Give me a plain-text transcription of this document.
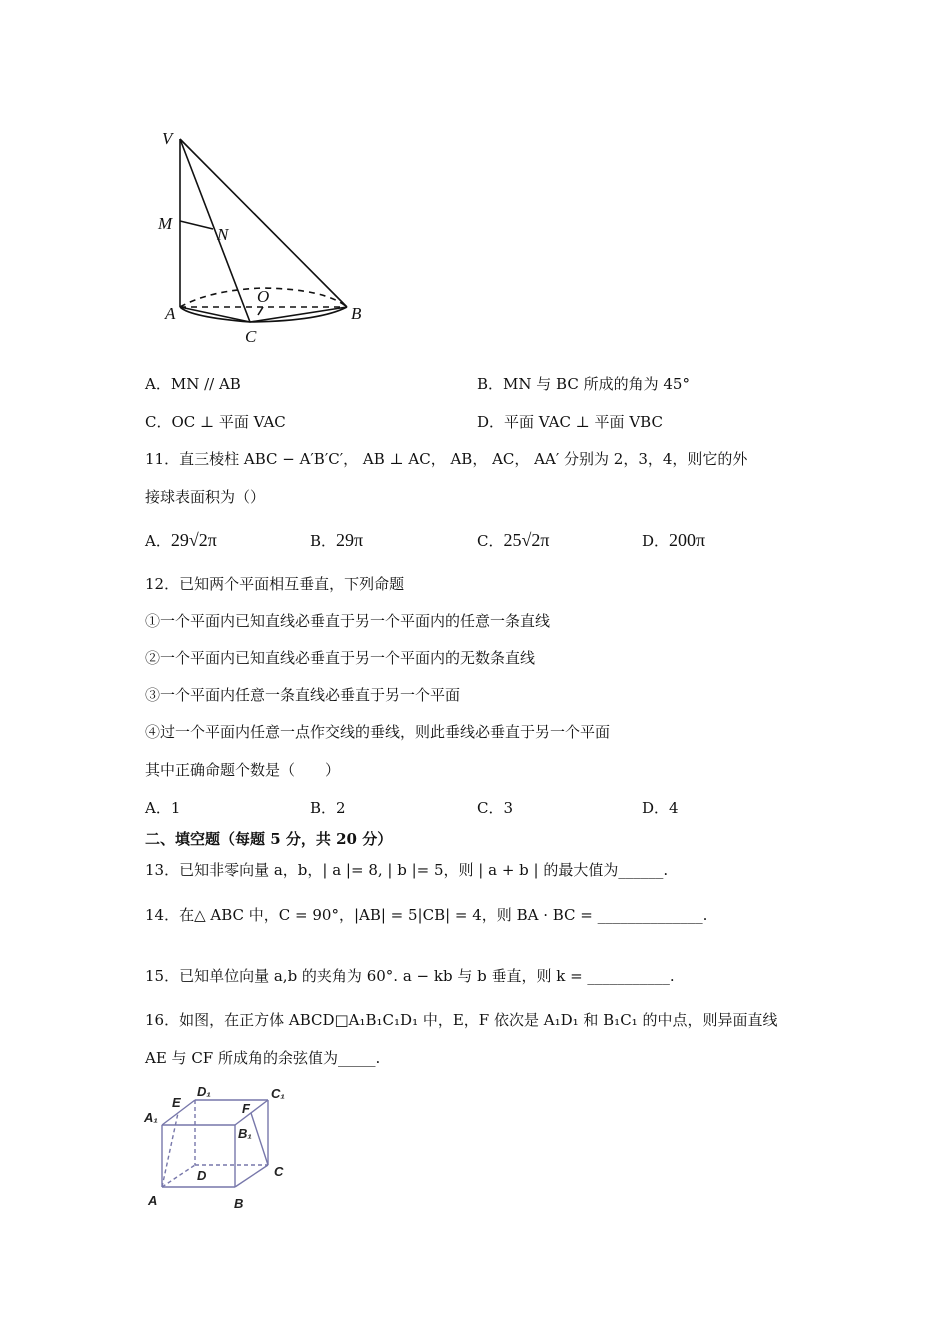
V
M
N
O
A	B
C
A．MN // AB	B．MN 与 BC 所成的角为 45°
C．OC ⊥ 平面 VAC	D．平面 VAC ⊥ 平面 VBC
11．直三棱柱 ABC − A′B′C′， AB ⊥ AC， AB， AC， AA′ 分别为 2，3，4，则它的外
接球表面积为（）
A．29√2π	B．29π	C．25√2π	D．200π
12．已知两个平面相互垂直，下列命题
①一个平面内已知直线必垂直于另一个平面内的任意一条直线
②一个平面内已知直线必垂直于另一个平面内的无数条直线
③一个平面内任意一条直线必垂直于另一个平面
④过一个平面内任意一点作交线的垂线，则此垂线必垂直于另一个平面
其中正确命题个数是（　　）
A．1	B．2	C．3	D．4
二、填空题（每题 5 分，共 20 分）
13．已知非零向量 a，b，| a |= 8, | b |= 5，则 | a + b | 的最大值为______.
14．在△ ABC 中，C = 90°，|AB| = 5|CB| = 4，则 BA · BC = ______________.
15．已知单位向量 a,b 的夹角为 60°. a − kb 与 b 垂直，则 k = ___________.
16．如图，在正方体 ABCD□A₁B₁C₁D₁ 中，E，F 依次是 A₁D₁ 和 B₁C₁ 的中点，则异面直线
AE 与 CF 所成角的余弦值为_____.
A₁
E
D₁	C₁
F
B₁
C
D
A	B
